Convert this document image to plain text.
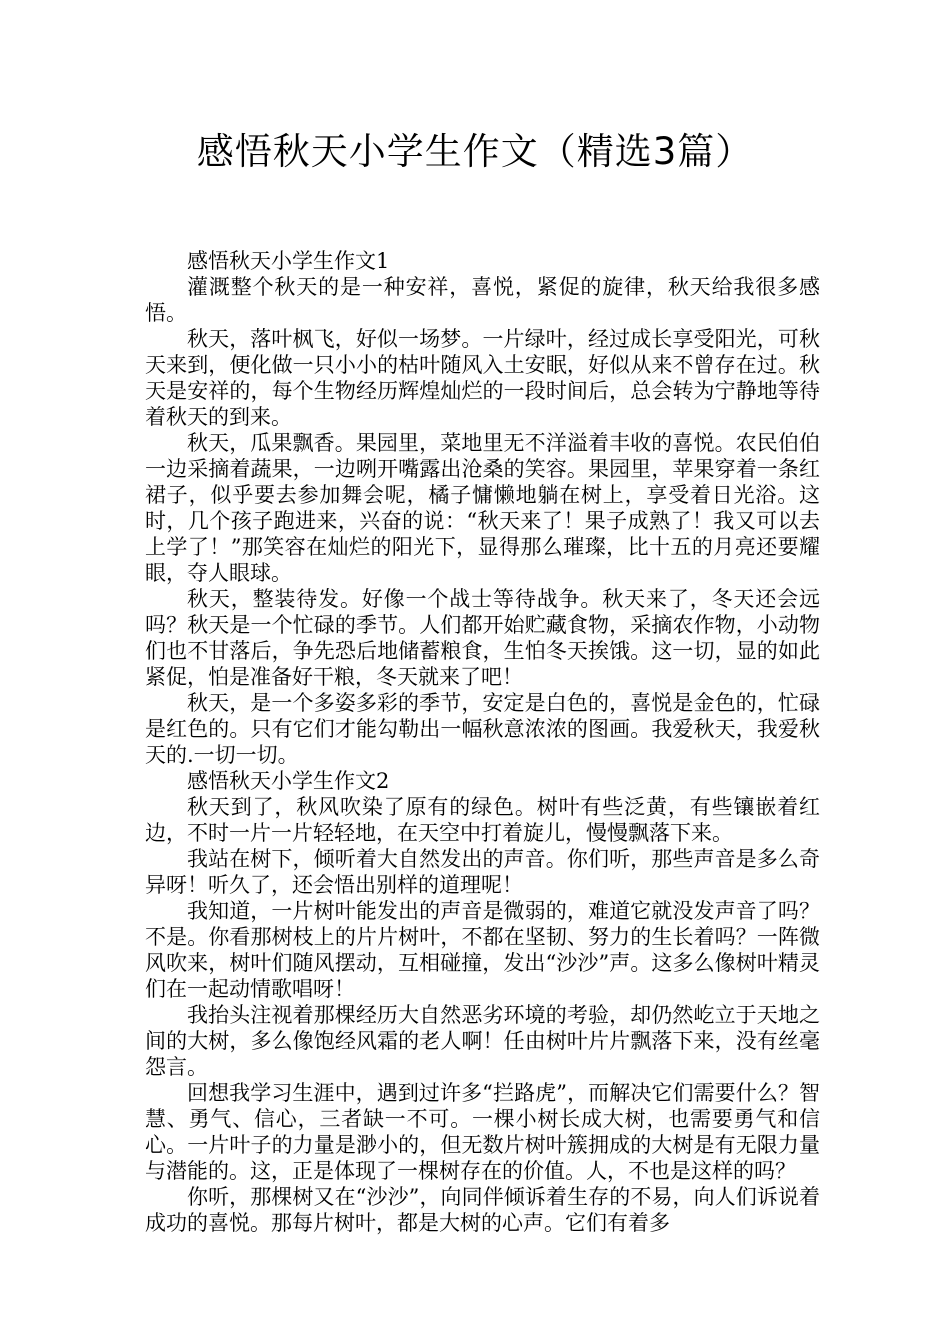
感悟秋天小学生作文（精选3篇）

感悟秋天小学生作文1

灌溉整个秋天的是一种安祥，喜悦，紧促的旋律，秋天给我很多感悟。

秋天，落叶枫飞，好似一场梦。一片绿叶，经过成长享受阳光，可秋天来到，便化做一只小小的枯叶随风入土安眠，好似从来不曾存在过。秋天是安祥的，每个生物经历辉煌灿烂的一段时间后，总会转为宁静地等待着秋天的到来。

秋天，瓜果飘香。果园里，菜地里无不洋溢着丰收的喜悦。农民伯伯一边采摘着蔬果，一边咧开嘴露出沧桑的笑容。果园里，苹果穿着一条红裙子，似乎要去参加舞会呢，橘子慵懒地躺在树上，享受着日光浴。这时，几个孩子跑进来，兴奋的说：“秋天来了！果子成熟了！我又可以去上学了！”那笑容在灿烂的阳光下，显得那么璀璨，比十五的月亮还要耀眼，夺人眼球。

秋天，整装待发。好像一个战士等待战争。秋天来了，冬天还会远吗？秋天是一个忙碌的季节。人们都开始贮藏食物，采摘农作物，小动物们也不甘落后，争先恐后地储蓄粮食，生怕冬天挨饿。这一切，显的如此紧促，怕是准备好干粮，冬天就来了吧！

秋天，是一个多姿多彩的季节，安定是白色的，喜悦是金色的，忙碌是红色的。只有它们才能勾勒出一幅秋意浓浓的图画。我爱秋天，我爱秋天的.一切一切。

感悟秋天小学生作文2

秋天到了，秋风吹染了原有的绿色。树叶有些泛黄，有些镶嵌着红边，不时一片一片轻轻地，在天空中打着旋儿，慢慢飘落下来。

我站在树下，倾听着大自然发出的声音。你们听，那些声音是多么奇异呀！听久了，还会悟出别样的道理呢！

我知道，一片树叶能发出的声音是微弱的，难道它就没发声音了吗？不是。你看那树枝上的片片树叶，不都在坚韧、努力的生长着吗？一阵微风吹来，树叶们随风摆动，互相碰撞，发出“沙沙”声。这多么像树叶精灵们在一起动情歌唱呀！

我抬头注视着那棵经历大自然恶劣环境的考验，却仍然屹立于天地之间的大树，多么像饱经风霜的老人啊！任由树叶片片飘落下来，没有丝毫怨言。

回想我学习生涯中，遇到过许多“拦路虎”，而解决它们需要什么？智慧、勇气、信心，三者缺一不可。一棵小树长成大树，也需要勇气和信心。一片叶子的力量是渺小的，但无数片树叶簇拥成的大树是有无限力量与潜能的。这，正是体现了一棵树存在的价值。人，不也是这样的吗？

你听，那棵树又在“沙沙”，向同伴倾诉着生存的不易，向人们诉说着成功的喜悦。那每片树叶，都是大树的心声。它们有着多
